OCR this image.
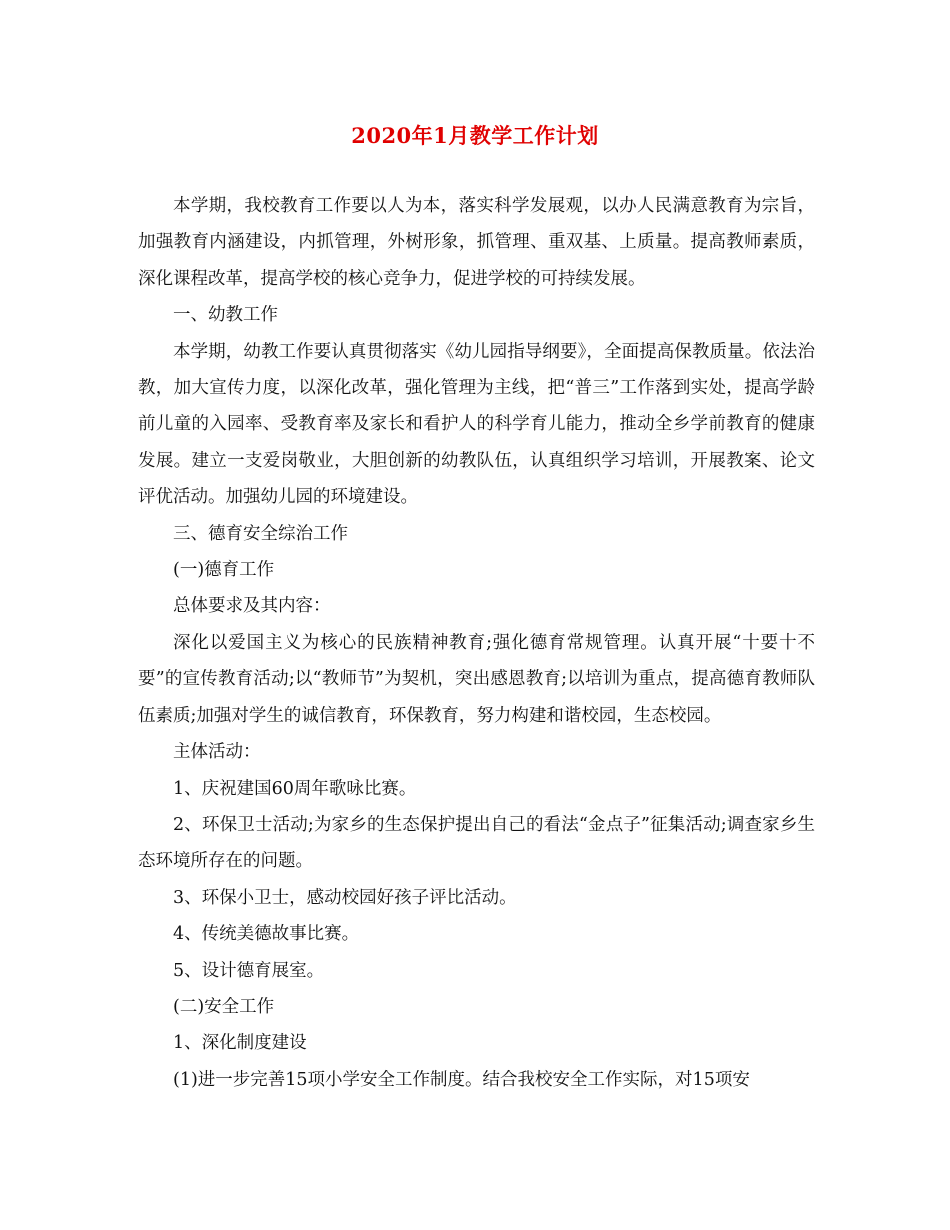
2020年1月教学工作计划

本学期，我校教育工作要以人为本，落实科学发展观，以办人民满意教育为宗旨，加强教育内涵建设，内抓管理，外树形象，抓管理、重双基、上质量。提高教师素质，深化课程改革，提高学校的核心竞争力，促进学校的可持续发展。

一、幼教工作

本学期，幼教工作要认真贯彻落实《幼儿园指导纲要》，全面提高保教质量。依法治教，加大宣传力度，以深化改革，强化管理为主线，把“普三”工作落到实处，提高学龄前儿童的入园率、受教育率及家长和看护人的科学育儿能力，推动全乡学前教育的健康发展。建立一支爱岗敬业，大胆创新的幼教队伍，认真组织学习培训，开展教案、论文评优活动。加强幼儿园的环境建设。

三、德育安全综治工作

(一)德育工作

总体要求及其内容：

深化以爱国主义为核心的民族精神教育;强化德育常规管理。认真开展“十要十不要”的宣传教育活动;以“教师节”为契机，突出感恩教育;以培训为重点，提高德育教师队伍素质;加强对学生的诚信教育，环保教育，努力构建和谐校园，生态校园。

主体活动：

1、庆祝建国60周年歌咏比赛。

2、环保卫士活动;为家乡的生态保护提出自己的看法“金点子”征集活动;调查家乡生态环境所存在的问题。

3、环保小卫士，感动校园好孩子评比活动。

4、传统美德故事比赛。

5、设计德育展室。

(二)安全工作

1、深化制度建设

(1)进一步完善15项小学安全工作制度。结合我校安全工作实际，对15项安
